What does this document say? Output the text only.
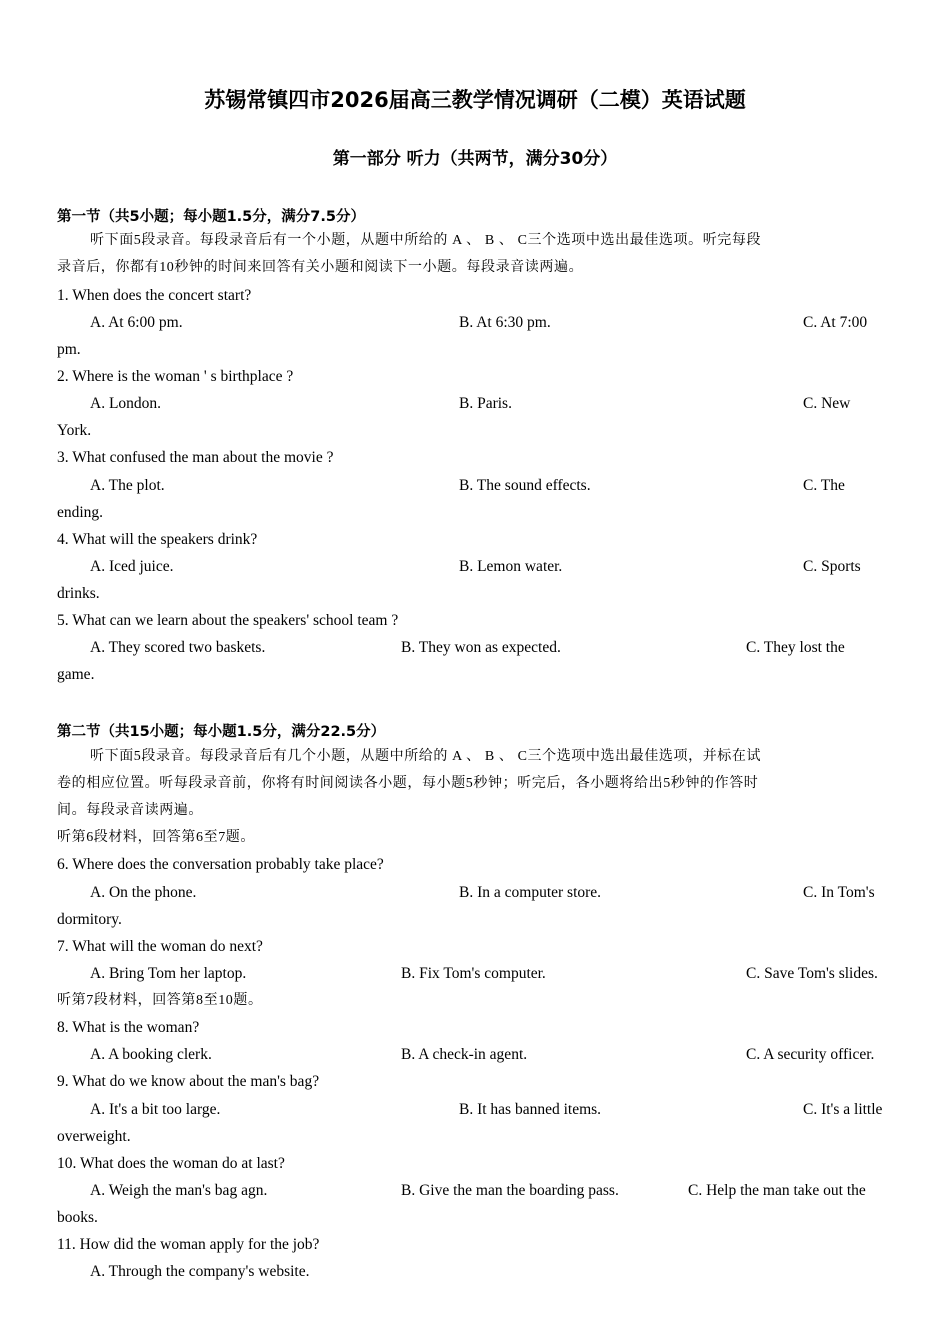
苏锡常镇四市2026届高三教学情况调研（二模）英语试题
第一部分 听力（共两节，满分30分）
第一节（共5小题；每小题1.5分，满分7.5分）
听下面5段录音。每段录音后有一个小题，从题中所给的 A 、 B 、 C三个选项中选出最佳选项。听完每段
录音后，你都有10秒钟的时间来回答有关小题和阅读下一小题。每段录音读两遍。
1. When does the concert start?
A. At 6:00 pm.	B. At 6:30 pm.	C. At 7:00
pm.
2. Where is the woman ' s birthplace ?
A. London.	B. Paris.	C. New
York.
3. What confused the man about the movie ?
A. The plot.	B. The sound effects.	C. The
ending.
4. What will the speakers drink?
A. Iced juice.	B. Lemon water.	C. Sports
drinks.
5. What can we learn about the speakers' school team ?
A. They scored two baskets.	B. They won as expected.	C. They lost the
game.
第二节（共15小题；每小题1.5分，满分22.5分）
听下面5段录音。每段录音后有几个小题，从题中所给的 A 、 B 、 C三个选项中选出最佳选项，并标在试
卷的相应位置。听每段录音前，你将有时间阅读各小题，每小题5秒钟；听完后，各小题将给出5秒钟的作答时
间。每段录音读两遍。
听第6段材料，回答第6至7题。
6. Where does the conversation probably take place?
A. On the phone.	B. In a computer store.	C. In Tom's
dormitory.
7. What will the woman do next?
A. Bring Tom her laptop.	B. Fix Tom's computer.	C. Save Tom's slides.
听第7段材料，回答第8至10题。
8. What is the woman?
A. A booking clerk.	B. A check-in agent.	C. A security officer.
9. What do we know about the man's bag?
A. It's a bit too large.	B. It has banned items.	C. It's a little
overweight.
10. What does the woman do at last?
A. Weigh the man's bag agn.	B. Give the man the boarding pass.	C. Help the man take out the
books.
11. How did the woman apply for the job?
A. Through the company's website.
